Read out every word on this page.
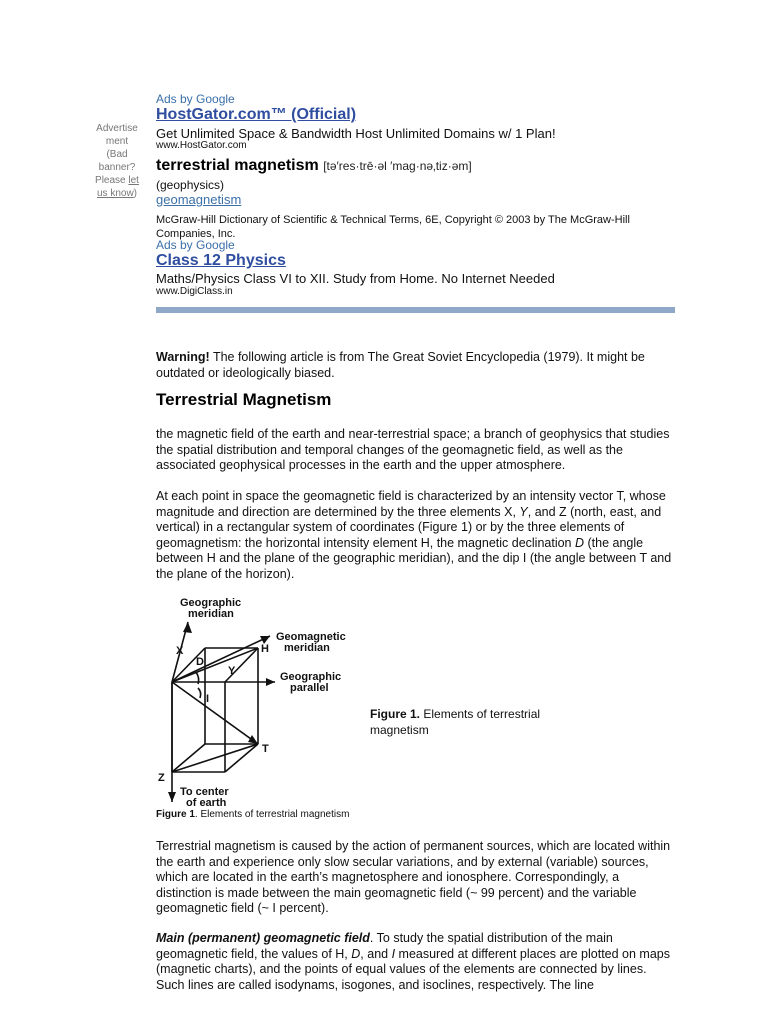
Advertise
ment
(Bad
banner?
Please let
us know)
Ads by Google
HostGator.com™ (Official)
Get Unlimited Space & Bandwidth Host Unlimited Domains w/ 1 Plan!
www.HostGator.com
terrestrial magnetism [tə′res·trē·əl ′mag·nə‚tiz·əm]
(geophysics)
geomagnetism
McGraw-Hill Dictionary of Scientific & Technical Terms, 6E, Copyright © 2003 by The McGraw-Hill Companies, Inc.
Ads by Google
Class 12 Physics
Maths/Physics Class VI to XII. Study from Home. No Internet Needed
www.DigiClass.in
Warning! The following article is from The Great Soviet Encyclopedia (1979). It might be outdated or ideologically biased.
Terrestrial Magnetism
the magnetic field of the earth and near-terrestrial space; a branch of geophysics that studies the spatial distribution and temporal changes of the geomagnetic field, as well as the associated geophysical processes in the earth and the upper atmosphere.
At each point in space the geomagnetic field is characterized by an intensity vector T, whose magnitude and direction are determined by the three elements X, Y, and Z (north, east, and vertical) in a rectangular system of coordinates (Figure 1) or by the three elements of geomagnetism: the horizontal intensity element H, the magnetic declination D (the angle between H and the plane of the geographic meridian), and the dip I (the angle between T and the plane of the horizon).
Geographic
meridian
Geomagnetic
meridian
Geographic
parallel
To center
of earth
X
D
Y
H
I
T
Z
Figure 1. Elements of terrestrial
magnetism
Figure 1. Elements of terrestrial magnetism
Terrestrial magnetism is caused by the action of permanent sources, which are located within the earth and experience only slow secular variations, and by external (variable) sources, which are located in the earth’s magnetosphere and ionosphere. Correspondingly, a distinction is made between the main geomagnetic field (~ 99 percent) and the variable geomagnetic field (~ I percent).
Main (permanent) geomagnetic field. To study the spatial distribution of the main geomagnetic field, the values of H, D, and I measured at different places are plotted on maps (magnetic charts), and the points of equal values of the elements are connected by lines. Such lines are called isodynams, isogones, and isoclines, respectively. The line
